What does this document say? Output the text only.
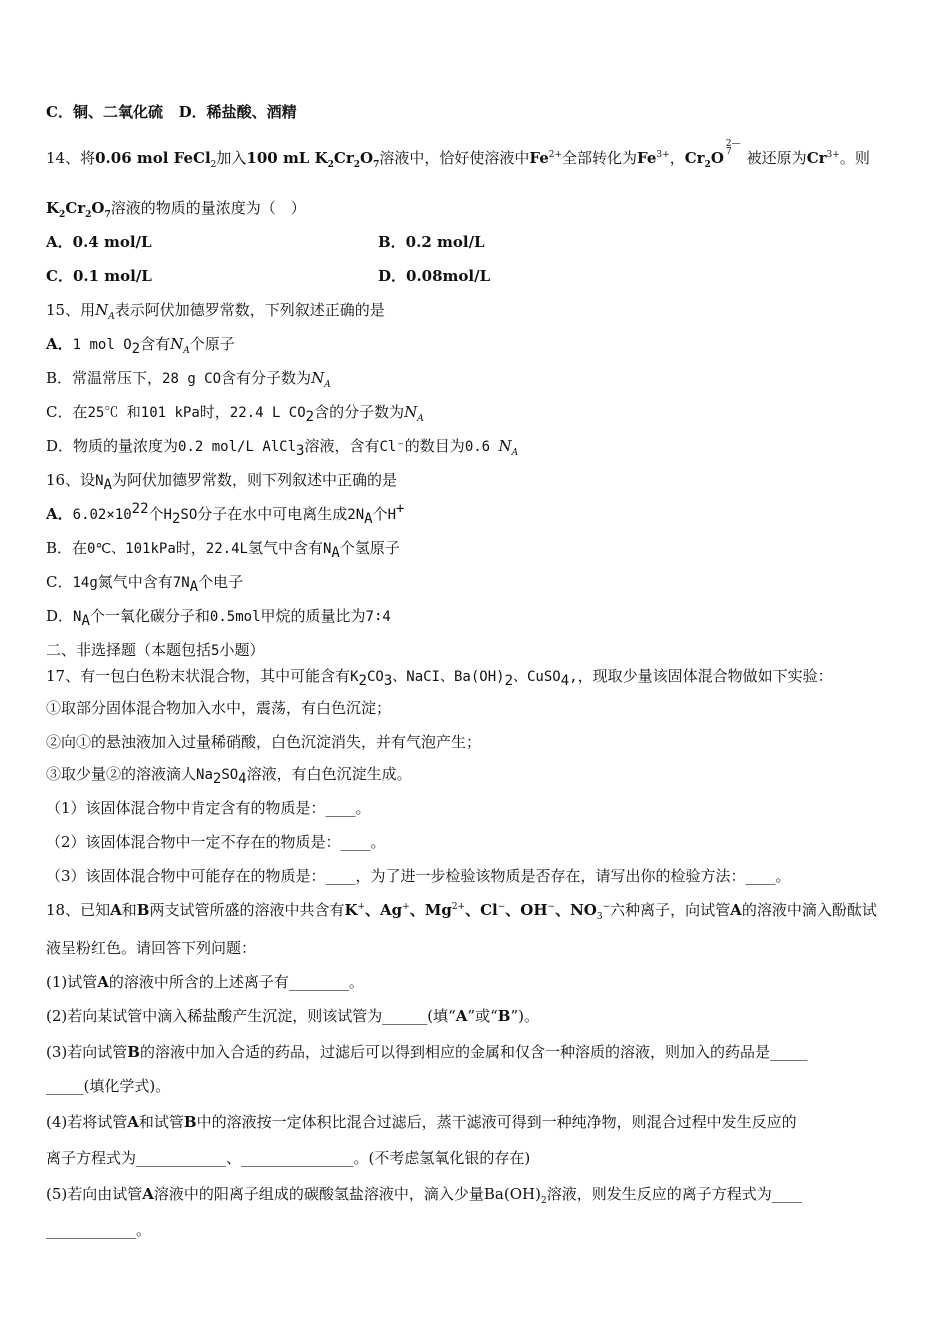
C．铜、二氧化硫 D．稀盐酸、酒精
14、将0.06 mol FeCl$_2$加入100 mL $K_2Cr_2O_7$溶液中，恰好使溶液中$Fe^{2+}$全部转化为$Fe^{3+}$，$Cr_2O$
2—
7 被还原为$Cr^{3+}$。则
$K_2Cr_2O_7$溶液的物质的量浓度为（　）
A．0.4 mol/L	B．0.2 mol/L
C．0.1 mol/L	D．0.08mol/L
15、用$N_A$表示阿伏加德罗常数，下列叙述正确的是
A．1 mol $O_2$含有$N_A$个原子
B．常温常压下，28 g CO含有分子数为$N_A$
C．在25℃ 和101 kPa时，22.4 L $CO_2$含的分子数为$N_A$
D．物质的量浓度为0.2 mol/L AlCl$_3$溶液，含有Cl⁻的数目为0.6 $N_A$
16、设$N_A$为阿伏加德罗常数，则下列叙述中正确的是
A．$6.02\times 10^{22}$个$H_2SO$分子在水中可电离生成$2N_A$个H+
B．在0℃、101kPa时，22.4L氢气中含有$N_A$个氢原子
C．14g氮气中含有$7N_A$个电子
D．$N_A$个一氧化碳分子和0.5mol甲烷的质量比为7∶4
二、非选择题（本题包括5小题）
17、有一包白色粉末状混合物，其中可能含有$K_2CO_3$、NaCI、$Ba(OH)_2$、CuSO$_4$,，现取少量该固体混合物做如下实验：
①取部分固体混合物加入水中，震荡，有白色沉淀；
②向①的悬浊液加入过量稀硝酸，白色沉淀消失，并有气泡产生；
③取少量②的溶液滴人$Na_2SO_4$溶液，有白色沉淀生成。
（1）该固体混合物中肯定含有的物质是：____。
（2）该固体混合物中一定不存在的物质是：____。
（3）该固体混合物中可能存在的物质是：____，为了进一步检验该物质是否存在，请写出你的检验方法：____。
18、已知A和B两支试管所盛的溶液中共含有K+、Ag+、$Mg^{2+}$、Cl−、OH−、$NO_3^-$六种离子，向试管A的溶液中滴入酚酞试
液呈粉红色。请回答下列问题：
(1)试管A的溶液中所含的上述离子有________。
(2)若向某试管中滴入稀盐酸产生沉淀，则该试管为______(填“A”或“B”)。
(3)若向试管B的溶液中加入合适的药品，过滤后可以得到相应的金属和仅含一种溶质的溶液，则加入的药品是_____
_____(填化学式)。
(4)若将试管A和试管B中的溶液按一定体积比混合过滤后，蒸干滤液可得到一种纯净物，则混合过程中发生反应的
离子方程式为____________、_______________。(不考虑氢氧化银的存在)
(5)若向由试管A溶液中的阳离子组成的碳酸氢盐溶液中，滴入少量$Ba(OH)_2$溶液，则发生反应的离子方程式为____
____________。
